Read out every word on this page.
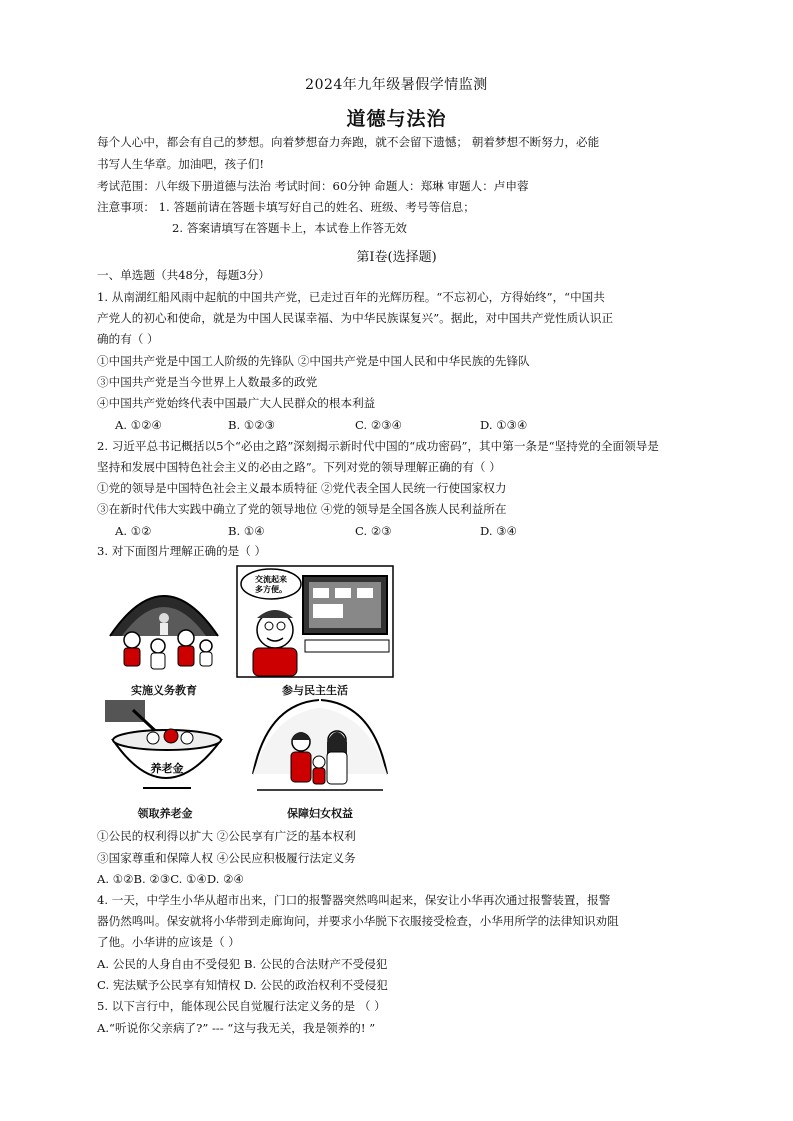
2024年九年级暑假学情监测
道德与法治
每个人心中，都会有自己的梦想。向着梦想奋力奔跑，就不会留下遗憾； 朝着梦想不断努力，必能
书写人生华章。加油吧，孩子们!
考试范围：八年级下册道德与法治 考试时间：60分钟 命题人：郑琳 审题人：卢申蓉
注意事项： 1. 答题前请在答题卡填写好自己的姓名、班级、考号等信息；
2. 答案请填写在答题卡上，本试卷上作答无效
第Ⅰ卷(选择题)
一、单选题（共48分，每题3分）
1. 从南湖红船风雨中起航的中国共产党，已走过百年的光辉历程。“不忘初心，方得始终”，“中国共
产党人的初心和使命，就是为中国人民谋幸福、为中华民族谋复兴”。据此，对中国共产党性质认识正
确的有（ ）
①中国共产党是中国工人阶级的先锋队 ②中国共产党是中国人民和中华民族的先锋队
③中国共产党是当今世界上人数最多的政党
④中国共产党始终代表中国最广大人民群众的根本利益
A. ①②④	B. ①②③	C. ②③④	D. ①③④
2. 习近平总书记概括以5个“必由之路”深刻揭示新时代中国的“成功密码”，其中第一条是“坚持党的全面领导是
坚持和发展中国特色社会主义的必由之路”。下列对党的领导理解正确的有（ ）
①党的领导是中国特色社会主义最本质特征 ②党代表全国人民统一行使国家权力
③在新时代伟大实践中确立了党的领导地位 ④党的领导是全国各族人民利益所在
A. ①②	B. ①④	C. ②③	D. ③④
3. 对下面图片理解正确的是（ ）
义务教育
实施义务教育
交流起来
多方便。
参与民主生活
养老金
领取养老金	保障妇女权益
①公民的权利得以扩大 ②公民享有广泛的基本权利
③国家尊重和保障人权 ④公民应积极履行法定义务
A. ①②B. ②③C. ①④D. ②④
4. 一天，中学生小华从超市出来，门口的报警器突然鸣叫起来，保安让小华再次通过报警装置，报警
器仍然鸣叫。保安就将小华带到走廊询问，并要求小华脱下衣服接受检查，小华用所学的法律知识劝阻
了他。小华讲的应该是（ ）
A. 公民的人身自由不受侵犯 B. 公民的合法财产不受侵犯
C. 宪法赋予公民享有知情权 D. 公民的政治权利不受侵犯
5. 以下言行中，能体现公民自觉履行法定义务的是 （ ）
A.“听说你父亲病了?” --- “这与我无关，我是领养的! ”
